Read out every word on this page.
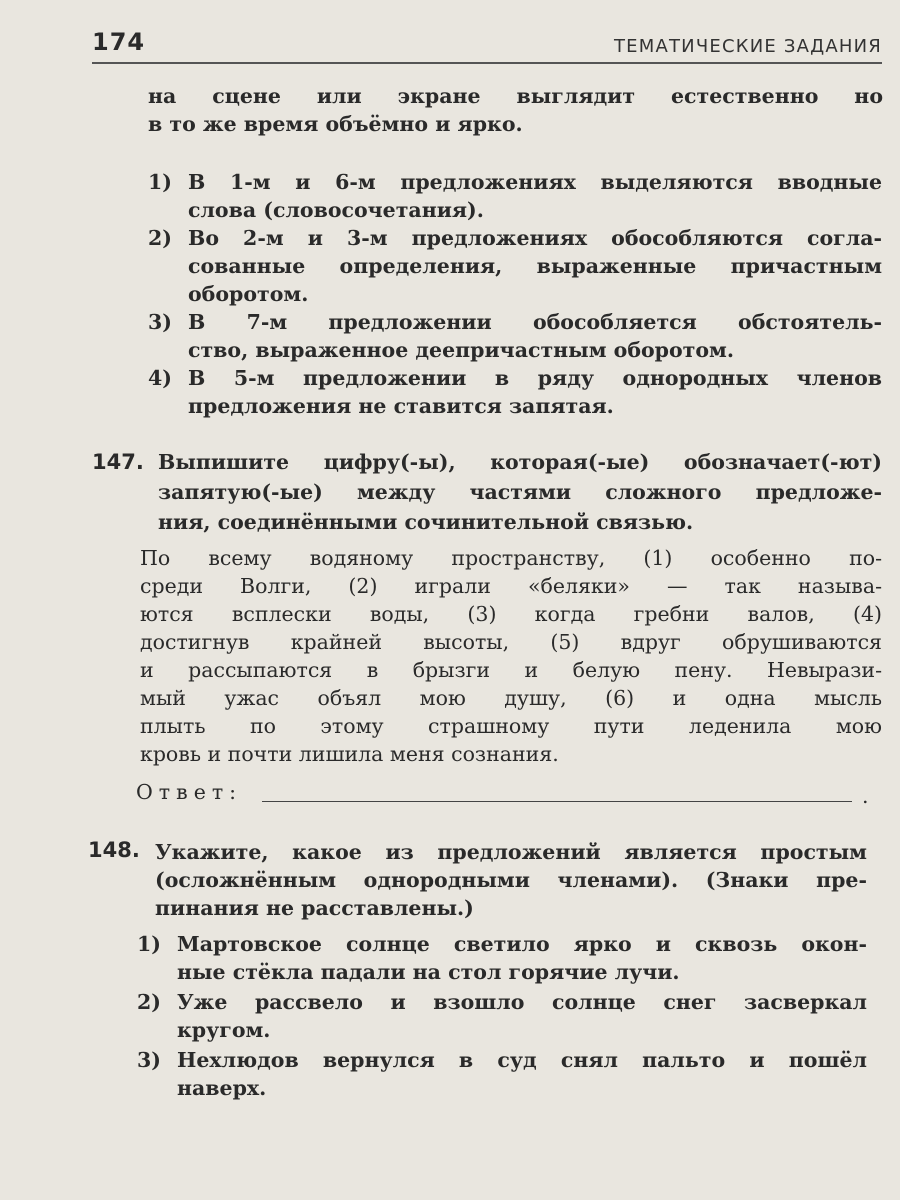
174	ТЕМАТИЧЕСКИЕ ЗАДАНИЯ
на сцене или экране выглядит естественно но
в то же время объёмно и ярко.
1) В 1-м и 6-м предложениях выделяются вводные
слова (словосочетания).
2) Во 2-м и 3-м предложениях обособляются согла-
сованные определения, выраженные причастным
оборотом.
3) В 7-м предложении обособляется обстоятель-
ство, выраженное деепричастным оборотом.
4) В 5-м предложении в ряду однородных членов
предложения не ставится запятая.
147. Выпишите цифру(-ы), которая(-ые) обозначает(-ют)
запятую(-ые) между частями сложного предложе-
ния, соединёнными сочинительной связью.
По всему водяному пространству, (1) особенно по-
среди Волги, (2) играли «беляки» — так называ-
ются всплески воды, (3) когда гребни валов, (4)
достигнув крайней высоты, (5) вдруг обрушиваются
и рассыпаются в брызги и белую пену. Невырази-
мый ужас объял мою душу, (6) и одна мысль
плыть по этому страшному пути леденила мою
кровь и почти лишила меня сознания.
Ответ:	.
148. Укажите, какое из предложений является простым
(осложнённым однородными членами). (Знаки пре-
пинания не расставлены.)
1) Мартовское солнце светило ярко и сквозь окон-
ные стёкла падали на стол горячие лучи.
2) Уже рассвело и взошло солнце снег засверкал
кругом.
3) Нехлюдов вернулся в суд снял пальто и пошёл
наверх.
